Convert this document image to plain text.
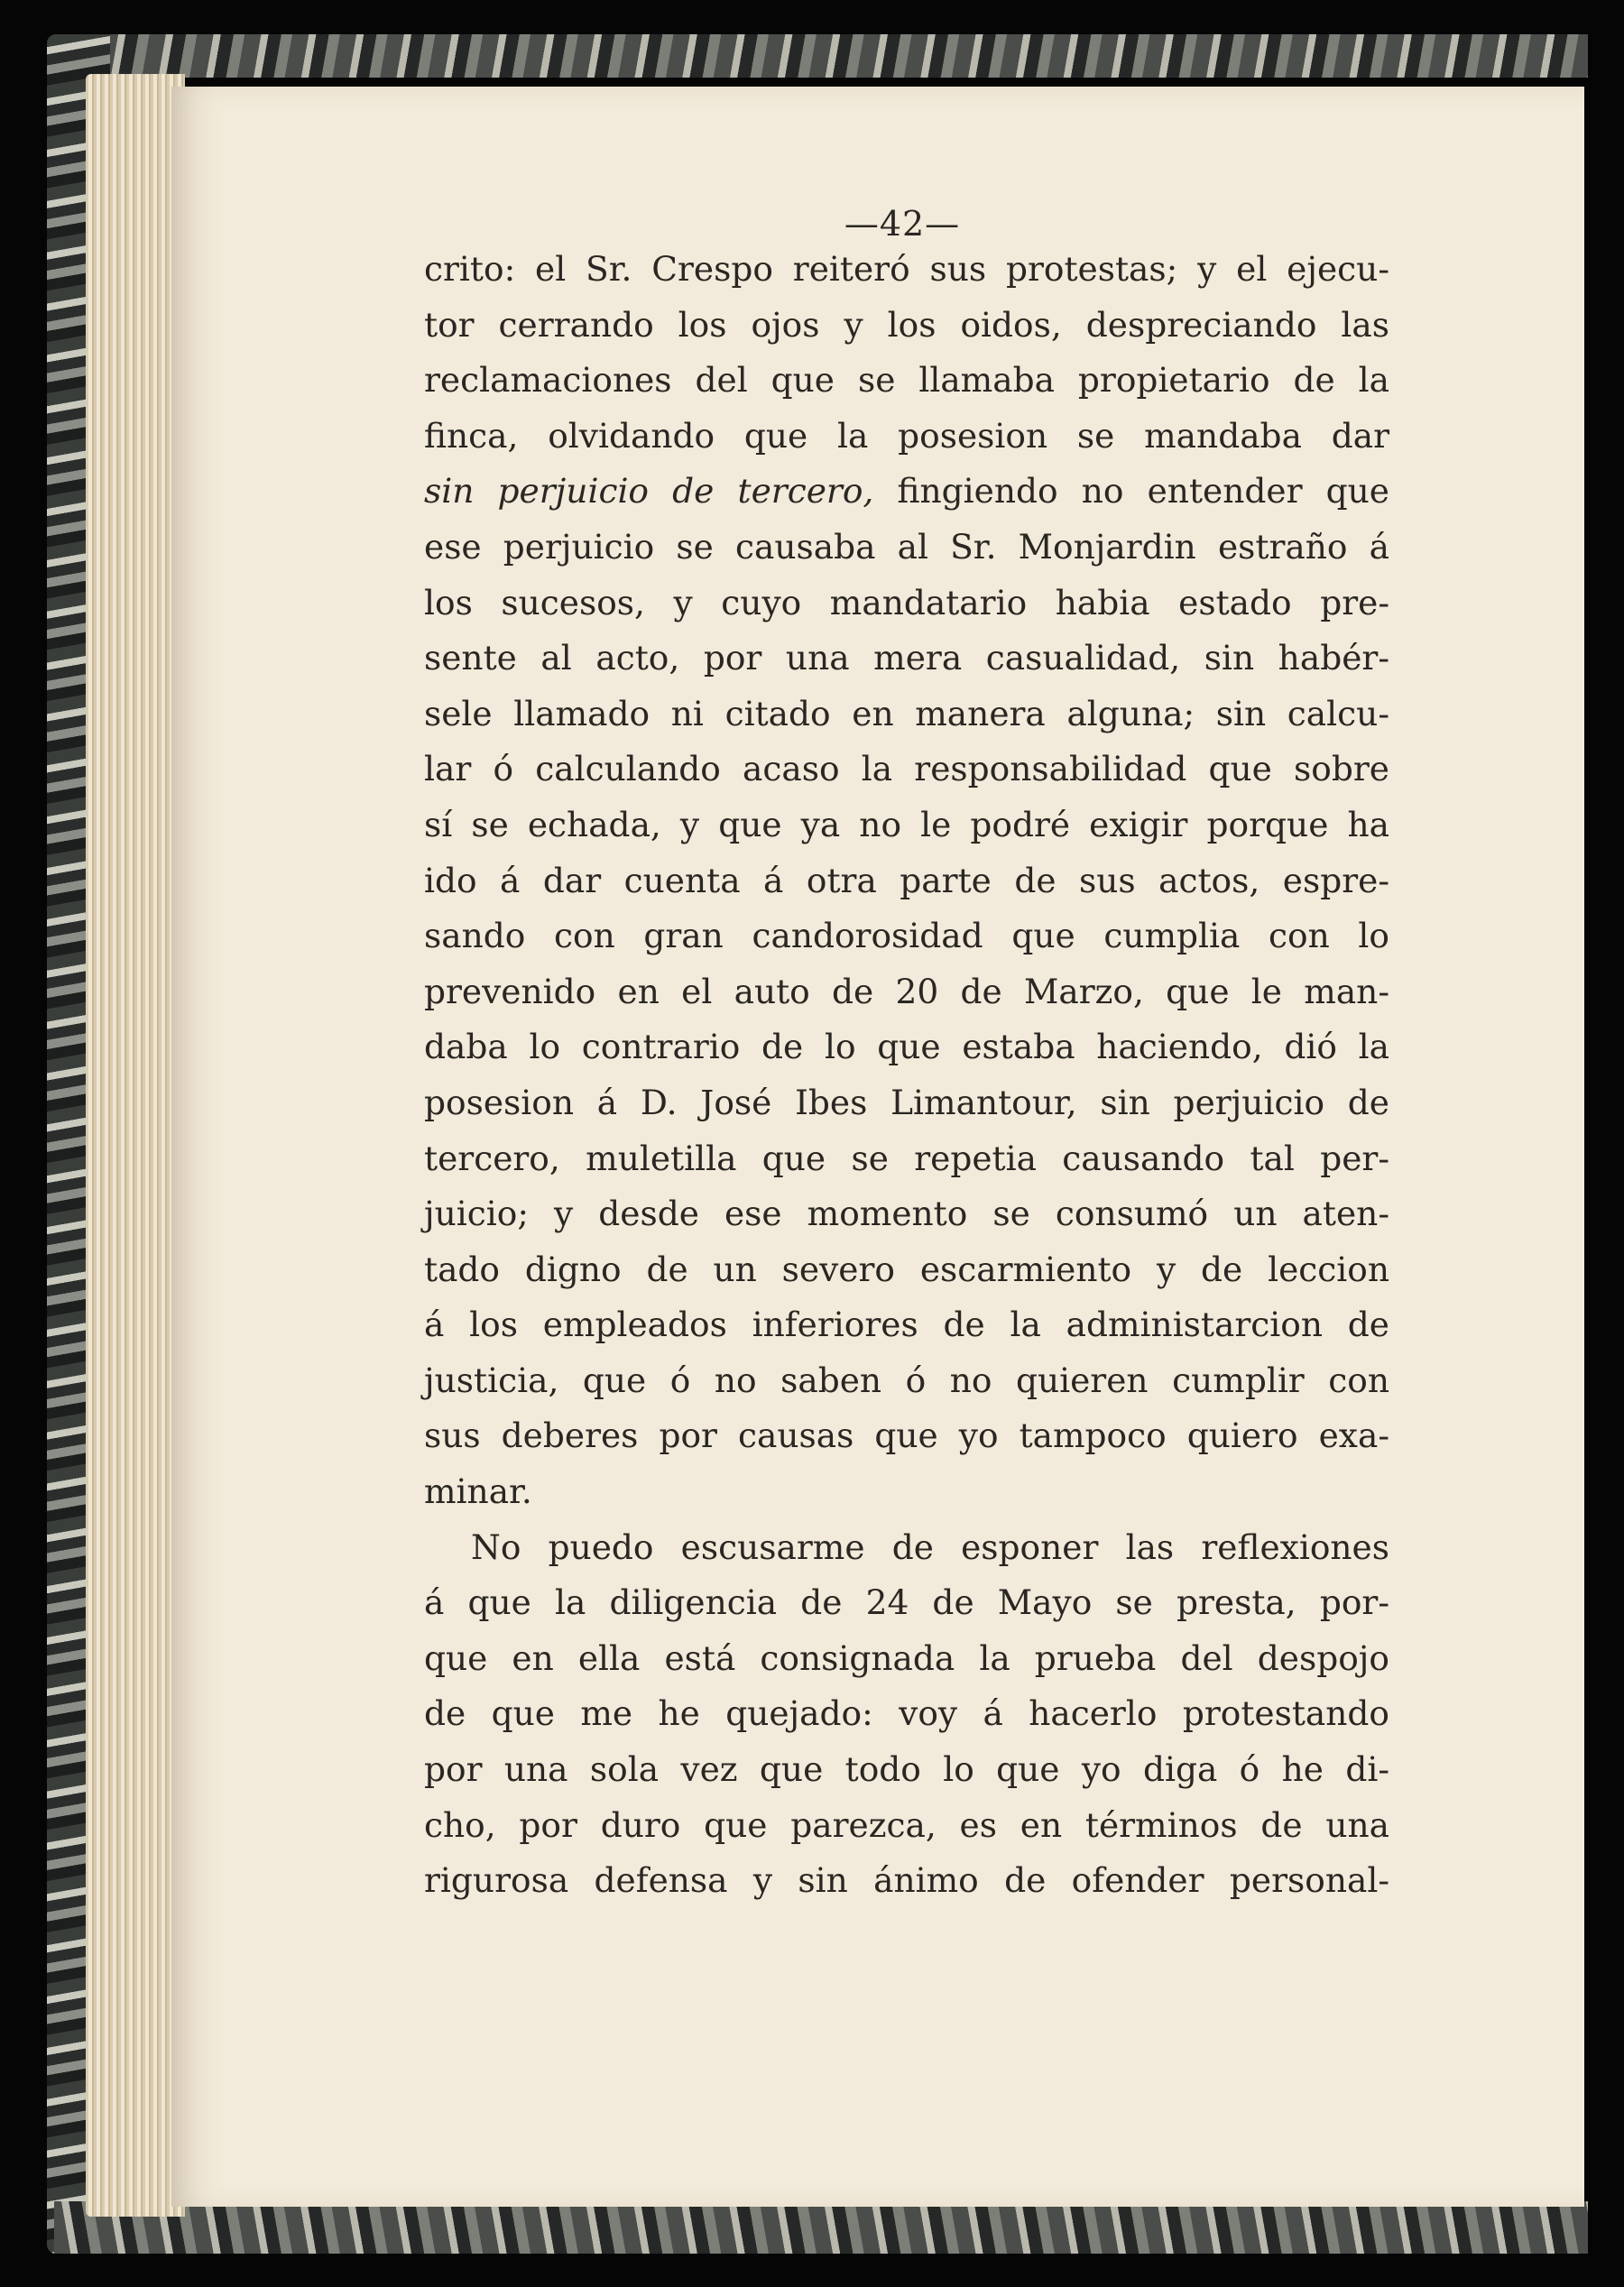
—42—
crito: el Sr. Crespo reiteró sus protestas; y el ejecu-
tor cerrando los ojos y los oidos, despreciando las
reclamaciones del que se llamaba propietario de la
finca, olvidando que la posesion se mandaba dar
sin perjuicio de tercero, fingiendo no entender que
ese perjuicio se causaba al Sr. Monjardin estraño á
los sucesos, y cuyo mandatario habia estado pre-
sente al acto, por una mera casualidad, sin habér-
sele llamado ni citado en manera alguna; sin calcu-
lar ó calculando acaso la responsabilidad que sobre
sí se echada, y que ya no le podré exigir porque ha
ido á dar cuenta á otra parte de sus actos, espre-
sando con gran candorosidad que cumplia con lo
prevenido en el auto de 20 de Marzo, que le man-
daba lo contrario de lo que estaba haciendo, dió la
posesion á D. José Ibes Limantour, sin perjuicio de
tercero, muletilla que se repetia causando tal per-
juicio; y desde ese momento se consumó un aten-
tado digno de un severo escarmiento y de leccion
á los empleados inferiores de la administarcion de
justicia, que ó no saben ó no quieren cumplir con
sus deberes por causas que yo tampoco quiero exa-
minar.
No puedo escusarme de esponer las reflexiones
á que la diligencia de 24 de Mayo se presta, por-
que en ella está consignada la prueba del despojo
de que me he quejado: voy á hacerlo protestando
por una sola vez que todo lo que yo diga ó he di-
cho, por duro que parezca, es en términos de una
rigurosa defensa y sin ánimo de ofender personal-
